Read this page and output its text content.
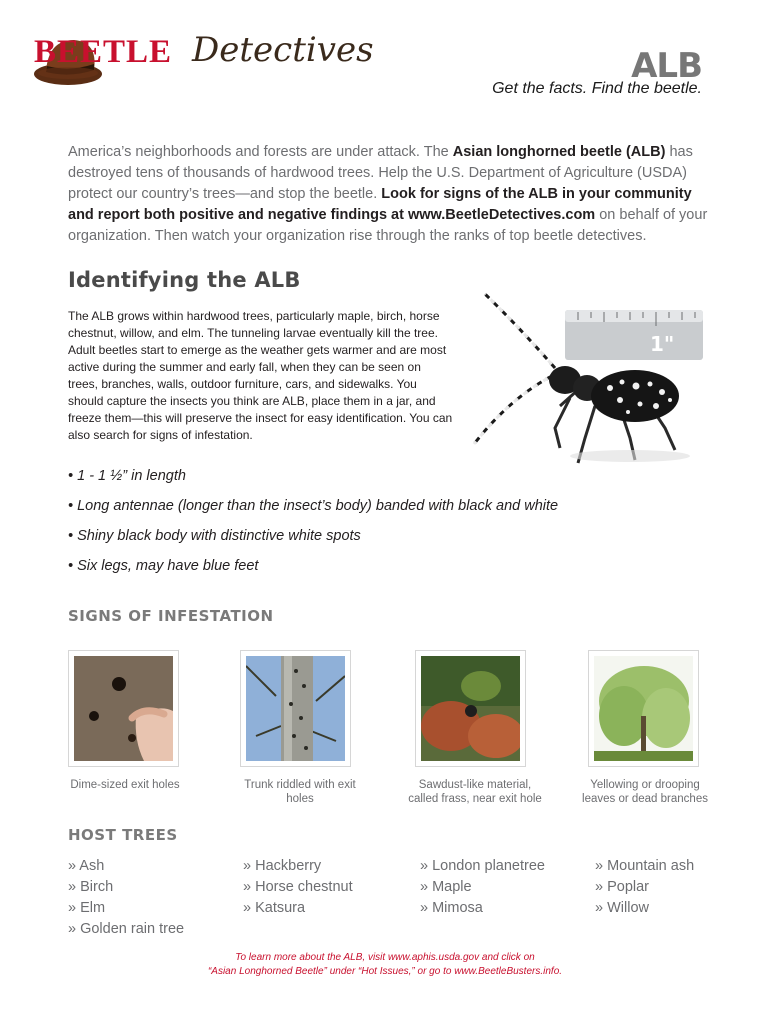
BEETLE Detectives	ALB
Get the facts. Find the beetle.

America’s neighborhoods and forests are under attack. The Asian longhorned beetle (ALB) has destroyed tens of thousands of hardwood trees. Help the U.S. Department of Agriculture (USDA) protect our country’s trees—and stop the beetle. Look for signs of the ALB in your community and report both positive and negative findings at www.BeetleDetectives.com on behalf of your organization. Then watch your organization rise through the ranks of top beetle detectives.

Identifying the ALB

The ALB grows within hardwood trees, particularly maple, birch, horse chestnut, willow, and elm. The tunneling larvae eventually kill the tree. Adult beetles start to emerge as the weather gets warmer and are most active during the summer and early fall, when they can be seen on trees, branches, walls, outdoor furniture, cars, and sidewalks. You should capture the insects you think are ALB, place them in a jar, and freeze them—this will preserve the insect for easy identification. You can also search for signs of infestation.

1"
• 1 - 1 ½” in length
• Long antennae (longer than the insect’s body) banded with black and white
• Shiny black body with distinctive white spots
• Six legs, may have blue feet
SIGNS OF INFESTATION

Dime-sized exit holes	Trunk riddled with exit holes

Sawdust-like material, called frass, near exit hole

Yellowing or drooping leaves or dead branches

HOST TREES
» Ash
» Birch
» Elm
» Golden rain tree
» Hackberry
» Horse chestnut
» Katsura
» London planetree
» Maple
» Mimosa
» Mountain ash
» Poplar
» Willow

To learn more about the ALB, visit www.aphis.usda.gov and click on
“Asian Longhorned Beetle” under “Hot Issues,” or go to www.BeetleBusters.info.
